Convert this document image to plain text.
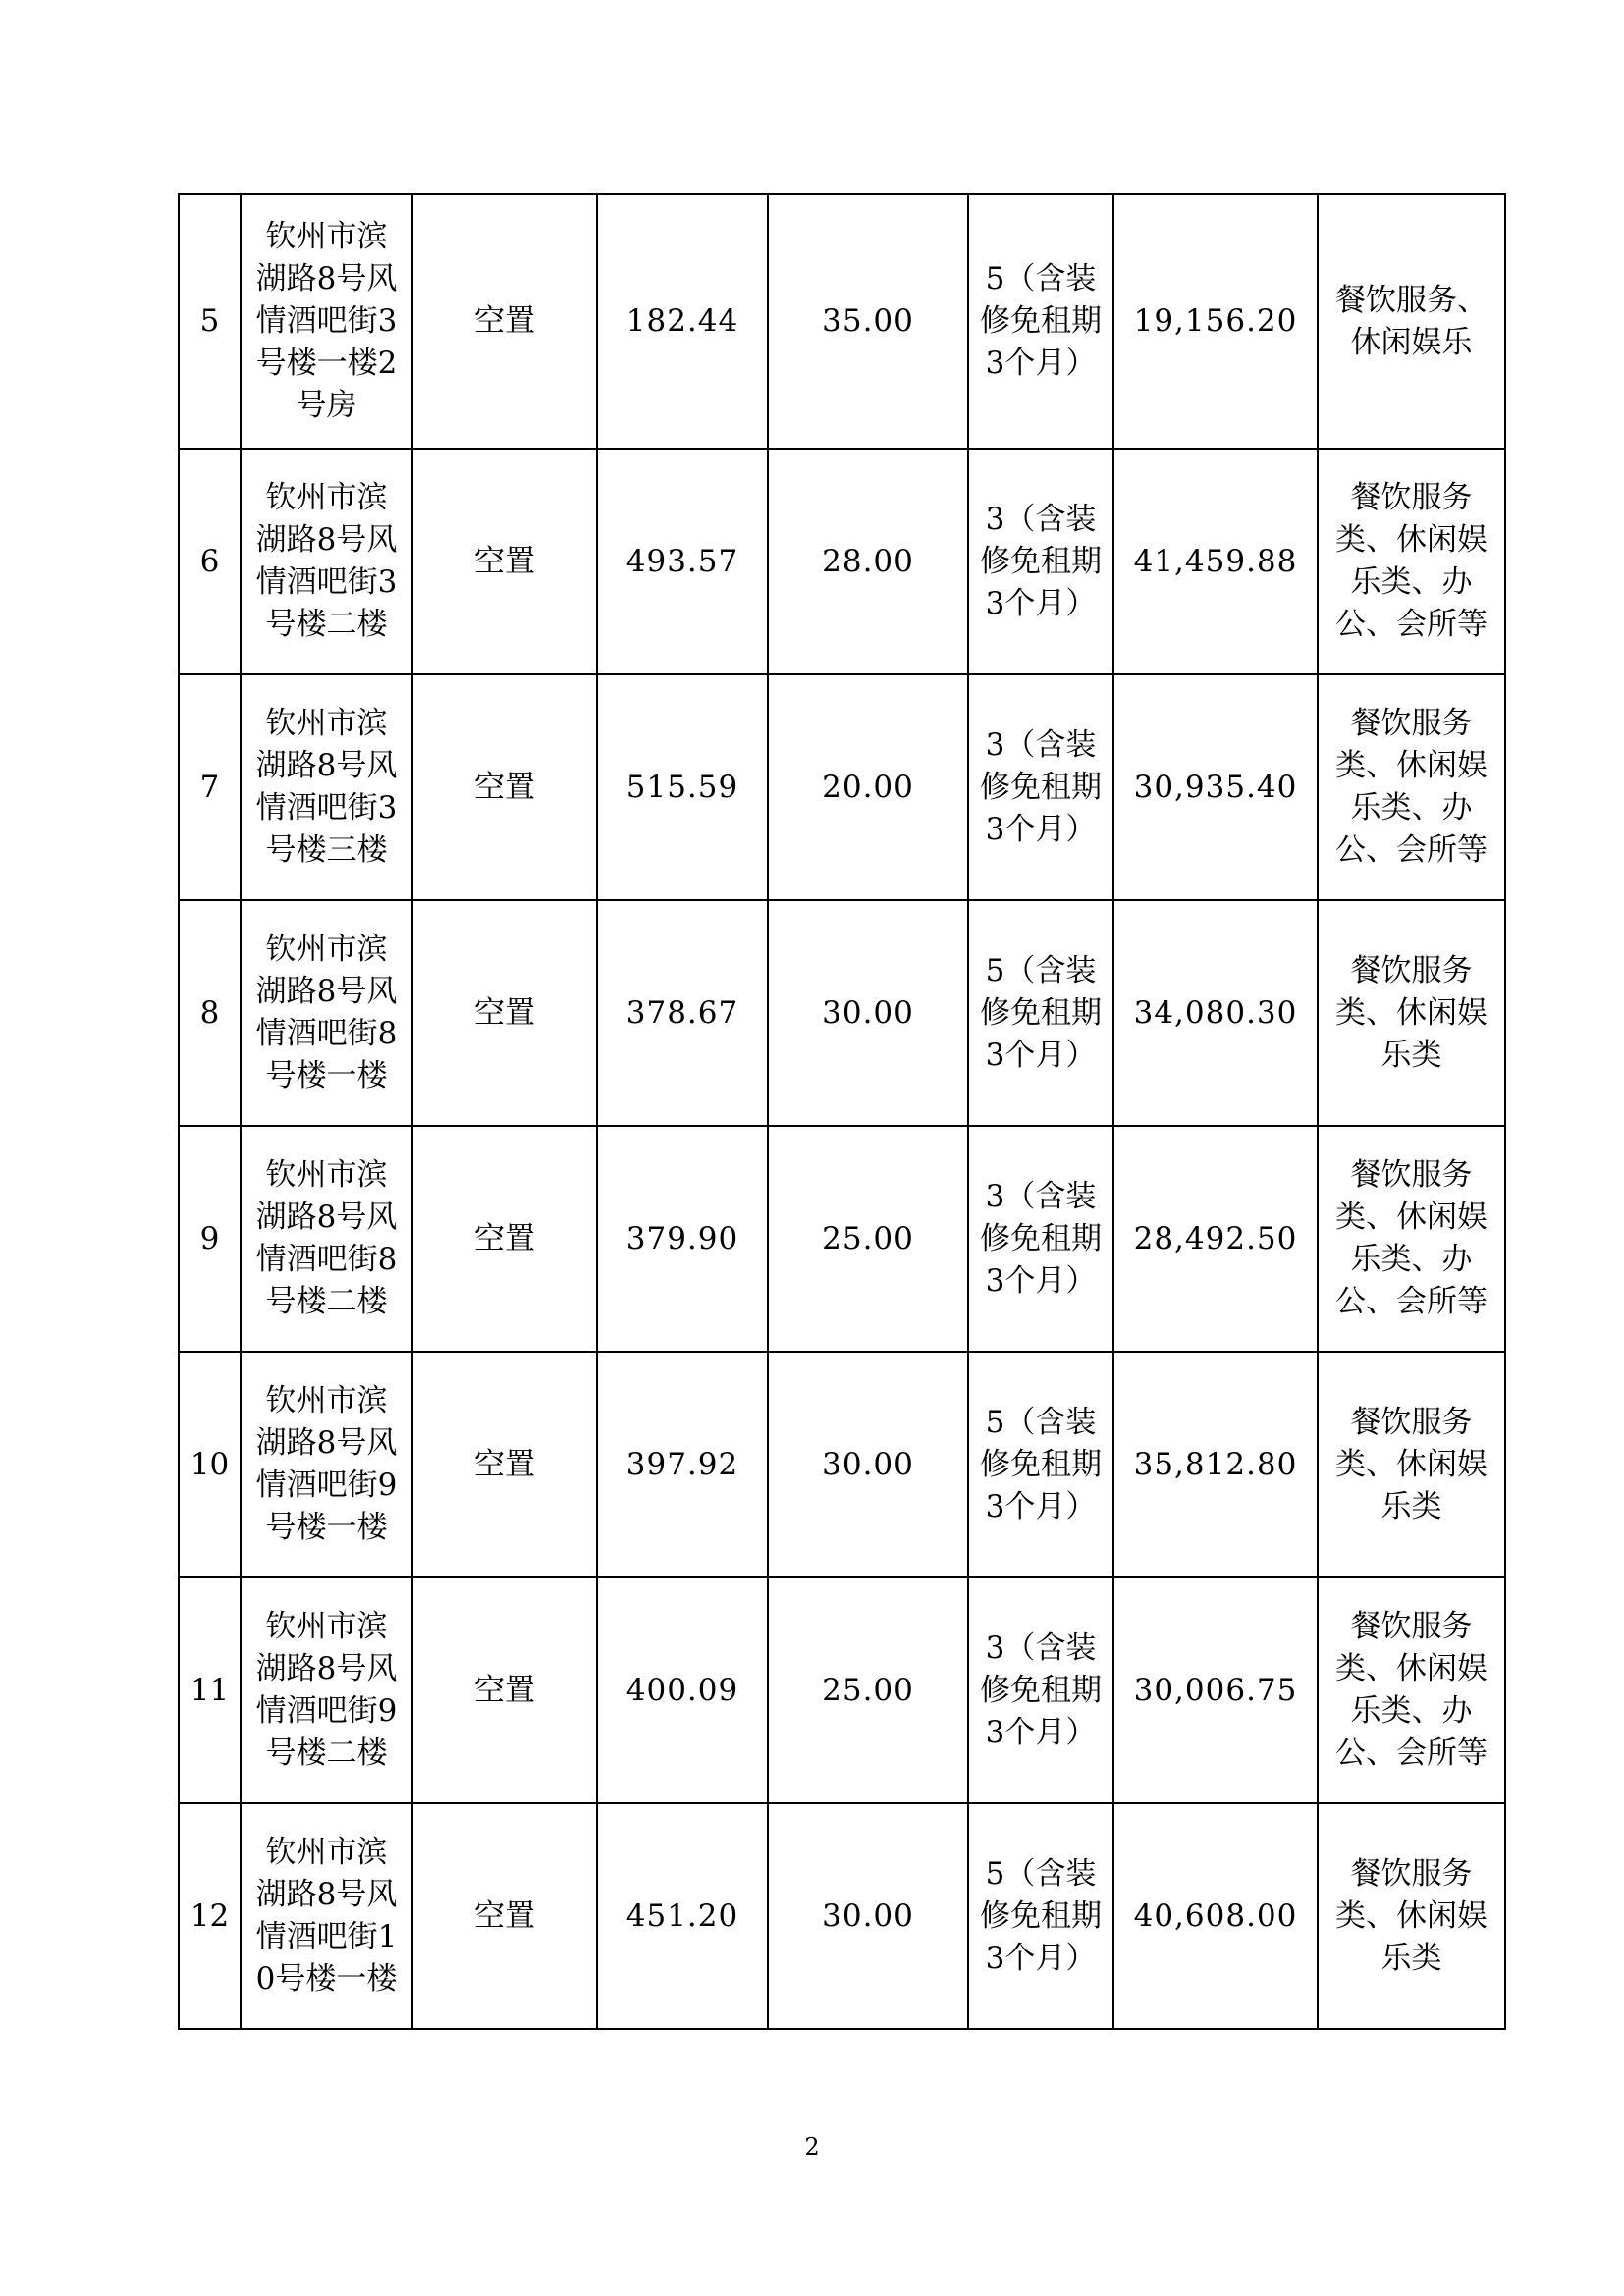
5	钦州市滨湖路8号风情酒吧街3号楼一楼2号房	空置	182.44	35.00	5（含装修免租期3个月）	19,156.20	餐饮服务、休闲娱乐
6	钦州市滨湖路8号风情酒吧街3号楼二楼	空置	493.57	28.00	3（含装修免租期3个月）	41,459.88	餐饮服务类、休闲娱乐类、办公、会所等
7	钦州市滨湖路8号风情酒吧街3号楼三楼	空置	515.59	20.00	3（含装修免租期3个月）	30,935.40	餐饮服务类、休闲娱乐类、办公、会所等
8	钦州市滨湖路8号风情酒吧街8号楼一楼	空置	378.67	30.00	5（含装修免租期3个月）	34,080.30	餐饮服务类、休闲娱乐类
9	钦州市滨湖路8号风情酒吧街8号楼二楼	空置	379.90	25.00	3（含装修免租期3个月）	28,492.50	餐饮服务类、休闲娱乐类、办公、会所等
10	钦州市滨湖路8号风情酒吧街9号楼一楼	空置	397.92	30.00	5（含装修免租期3个月）	35,812.80	餐饮服务类、休闲娱乐类
11	钦州市滨湖路8号风情酒吧街9号楼二楼	空置	400.09	25.00	3（含装修免租期3个月）	30,006.75	餐饮服务类、休闲娱乐类、办公、会所等
12	钦州市滨湖路8号风情酒吧街10号楼一楼	空置	451.20	30.00	5（含装修免租期3个月）	40,608.00	餐饮服务类、休闲娱乐类
2
